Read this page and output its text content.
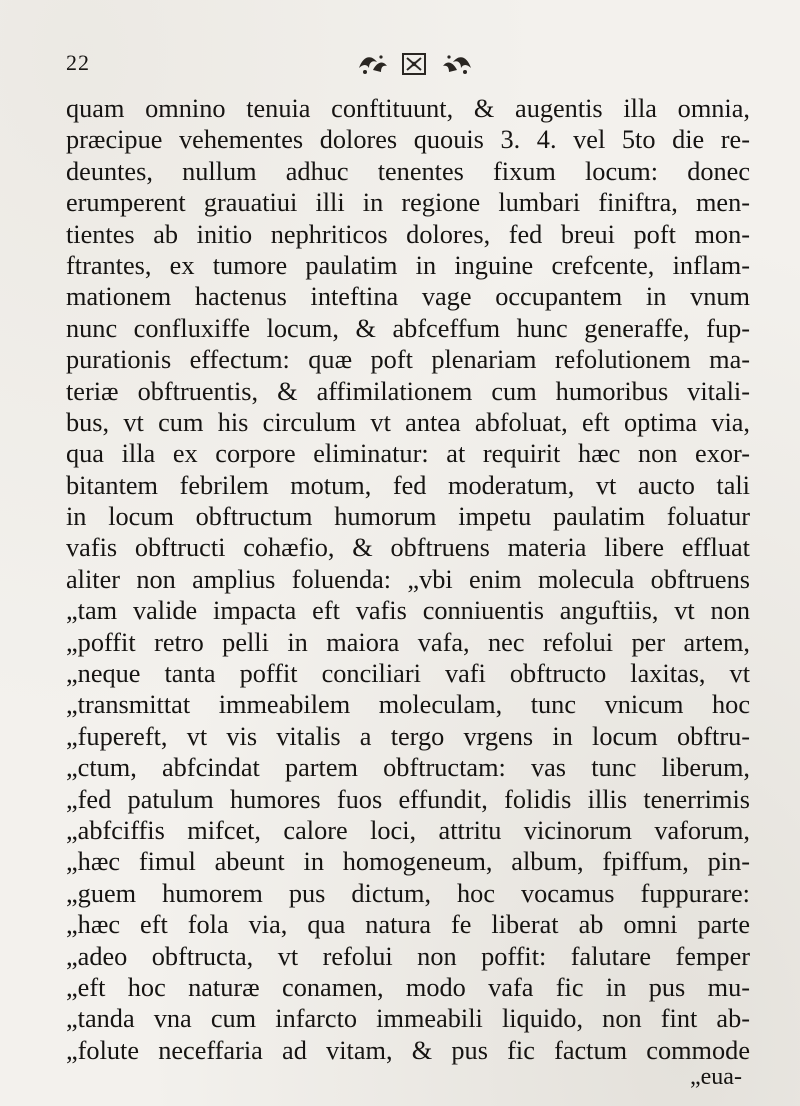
22
quam omnino tenuia conftituunt, & augentis illa omnia,
præcipue vehementes dolores quouis 3. 4. vel 5to die re-
deuntes, nullum adhuc tenentes fixum locum: donec
erumperent grauatiui illi in regione lumbari finiftra, men-
tientes ab initio nephriticos dolores, fed breui poft mon-
ftrantes, ex tumore paulatim in inguine crefcente, inflam-
mationem hactenus inteftina vage occupantem in vnum
nunc confluxiffe locum, & abfceffum hunc generaffe, fup-
purationis effectum: quæ poft plenariam refolutionem ma-
teriæ obftruentis, & affimilationem cum humoribus vitali-
bus, vt cum his circulum vt antea abfoluat, eft optima via,
qua illa ex corpore eliminatur: at requirit hæc non exor-
bitantem febrilem motum, fed moderatum, vt aucto tali
in locum obftructum humorum impetu paulatim foluatur
vafis obftructi cohæfio, & obftruens materia libere effluat
aliter non amplius foluenda: „vbi enim molecula obftruens
„tam valide impacta eft vafis conniuentis anguftiis, vt non
„poffit retro pelli in maiora vafa, nec refolui per artem,
„neque tanta poffit conciliari vafi obftructo laxitas, vt
„transmittat immeabilem moleculam, tunc vnicum hoc
„fupereft, vt vis vitalis a tergo vrgens in locum obftru-
„ctum, abfcindat partem obftructam: vas tunc liberum,
„fed patulum humores fuos effundit, folidis illis tenerrimis
„abfciffis mifcet, calore loci, attritu vicinorum vaforum,
„hæc fimul abeunt in homogeneum, album, fpiffum, pin-
„guem humorem pus dictum, hoc vocamus fuppurare:
„hæc eft fola via, qua natura fe liberat ab omni parte
„adeo obftructa, vt refolui non poffit: falutare femper
„eft hoc naturæ conamen, modo vafa fic in pus mu-
„tanda vna cum infarcto immeabili liquido, non fint ab-
„folute neceffaria ad vitam, & pus fic factum commode
„eua-
